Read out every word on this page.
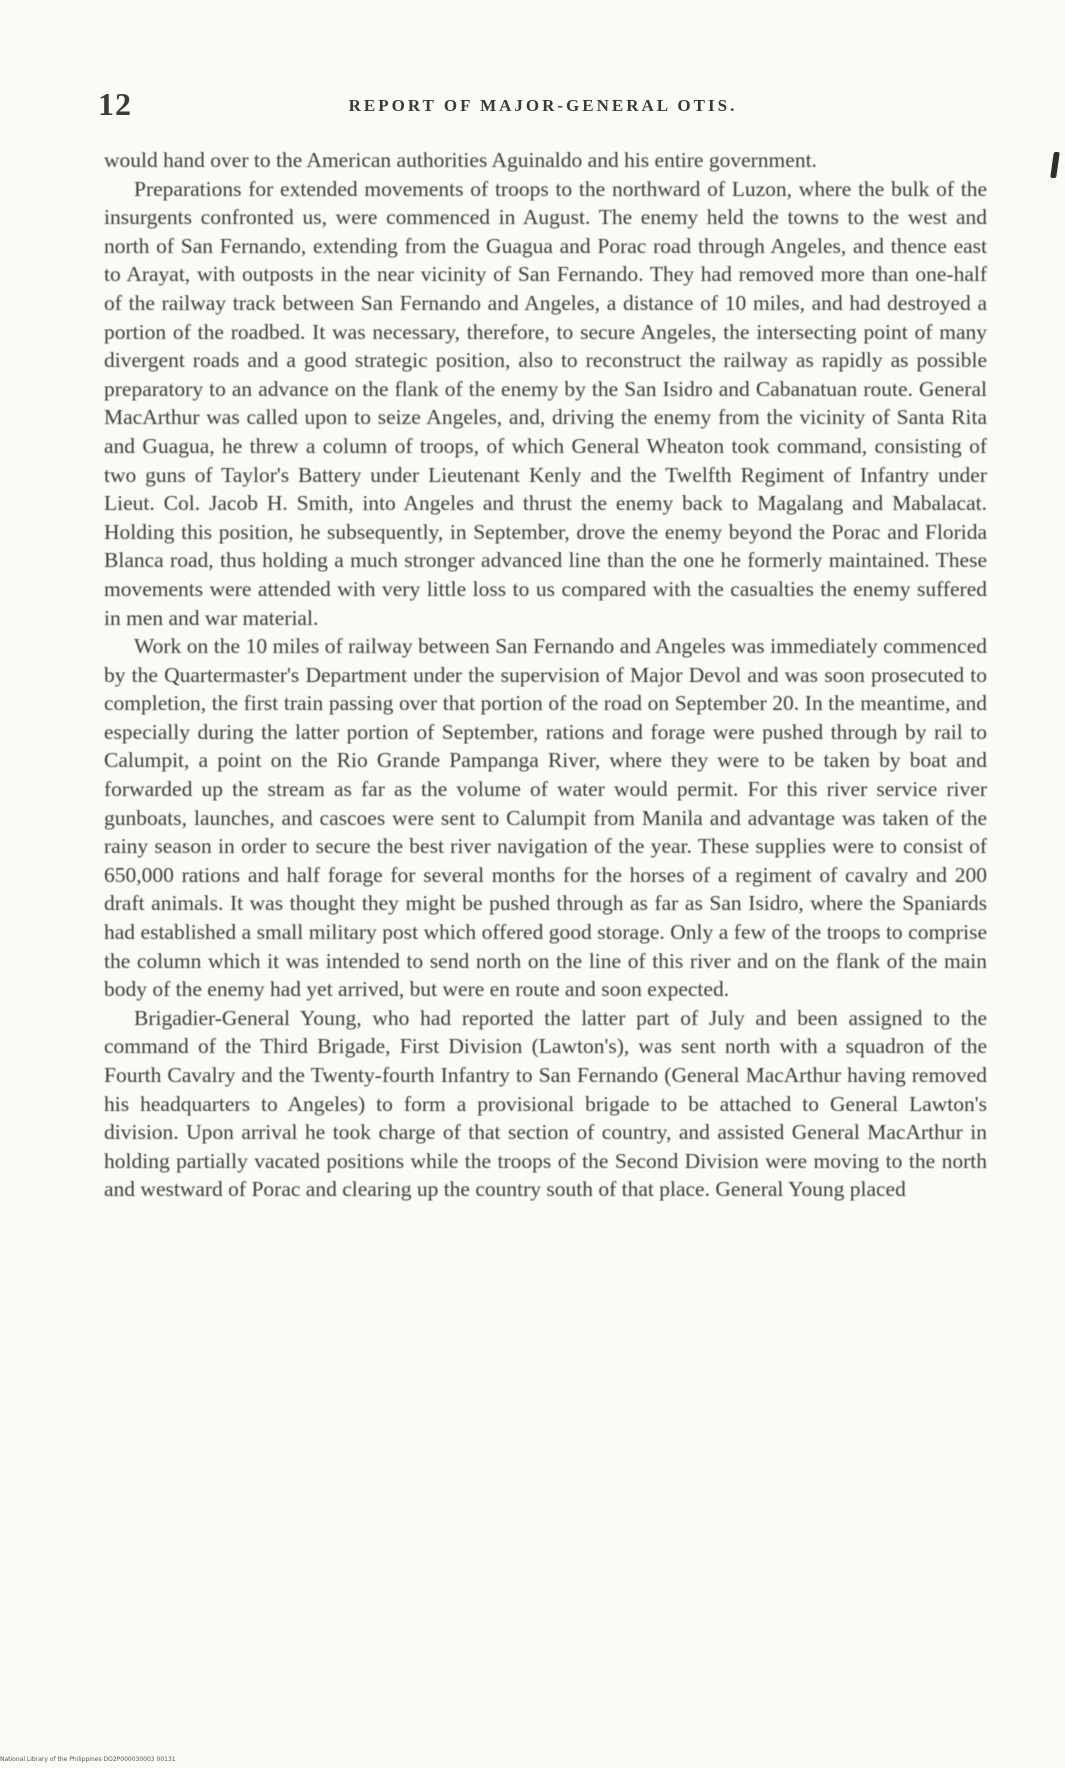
12	REPORT OF MAJOR-GENERAL OTIS.

would hand over to the American authorities Aguinaldo and his entire government.

Preparations for extended movements of troops to the northward of Luzon, where the bulk of the insurgents confronted us, were commenced in August. The enemy held the towns to the west and north of San Fernando, extending from the Guagua and Porac road through Angeles, and thence east to Arayat, with outposts in the near vicinity of San Fernando. They had removed more than one-half of the railway track between San Fernando and Angeles, a distance of 10 miles, and had destroyed a portion of the roadbed. It was necessary, therefore, to secure Angeles, the intersecting point of many divergent roads and a good strategic position, also to reconstruct the railway as rapidly as possible preparatory to an advance on the flank of the enemy by the San Isidro and Cabanatuan route. General MacArthur was called upon to seize Angeles, and, driving the enemy from the vicinity of Santa Rita and Guagua, he threw a column of troops, of which General Wheaton took command, consisting of two guns of Taylor's Battery under Lieutenant Kenly and the Twelfth Regiment of Infantry under Lieut. Col. Jacob H. Smith, into Angeles and thrust the enemy back to Magalang and Mabalacat. Holding this position, he subsequently, in September, drove the enemy beyond the Porac and Florida Blanca road, thus holding a much stronger advanced line than the one he formerly maintained. These movements were attended with very little loss to us compared with the casualties the enemy suffered in men and war material.

Work on the 10 miles of railway between San Fernando and Angeles was immediately commenced by the Quartermaster's Department under the supervision of Major Devol and was soon prosecuted to completion, the first train passing over that portion of the road on September 20. In the meantime, and especially during the latter portion of September, rations and forage were pushed through by rail to Calumpit, a point on the Rio Grande Pampanga River, where they were to be taken by boat and forwarded up the stream as far as the volume of water would permit. For this river service river gunboats, launches, and cascoes were sent to Calumpit from Manila and advantage was taken of the rainy season in order to secure the best river navigation of the year. These supplies were to consist of 650,000 rations and half forage for several months for the horses of a regiment of cavalry and 200 draft animals. It was thought they might be pushed through as far as San Isidro, where the Spaniards had established a small military post which offered good storage. Only a few of the troops to comprise the column which it was intended to send north on the line of this river and on the flank of the main body of the enemy had yet arrived, but were en route and soon expected.

Brigadier-General Young, who had reported the latter part of July and been assigned to the command of the Third Brigade, First Division (Lawton's), was sent north with a squadron of the Fourth Cavalry and the Twenty-fourth Infantry to San Fernando (General MacArthur having removed his headquarters to Angeles) to form a provisional brigade to be attached to General Lawton's division. Upon arrival he took charge of that section of country, and assisted General MacArthur in holding partially vacated positions while the troops of the Second Division were moving to the north and westward of Porac and clearing up the country south of that place. General Young placed

National Library of the Philippines DO2P000030003 00131
